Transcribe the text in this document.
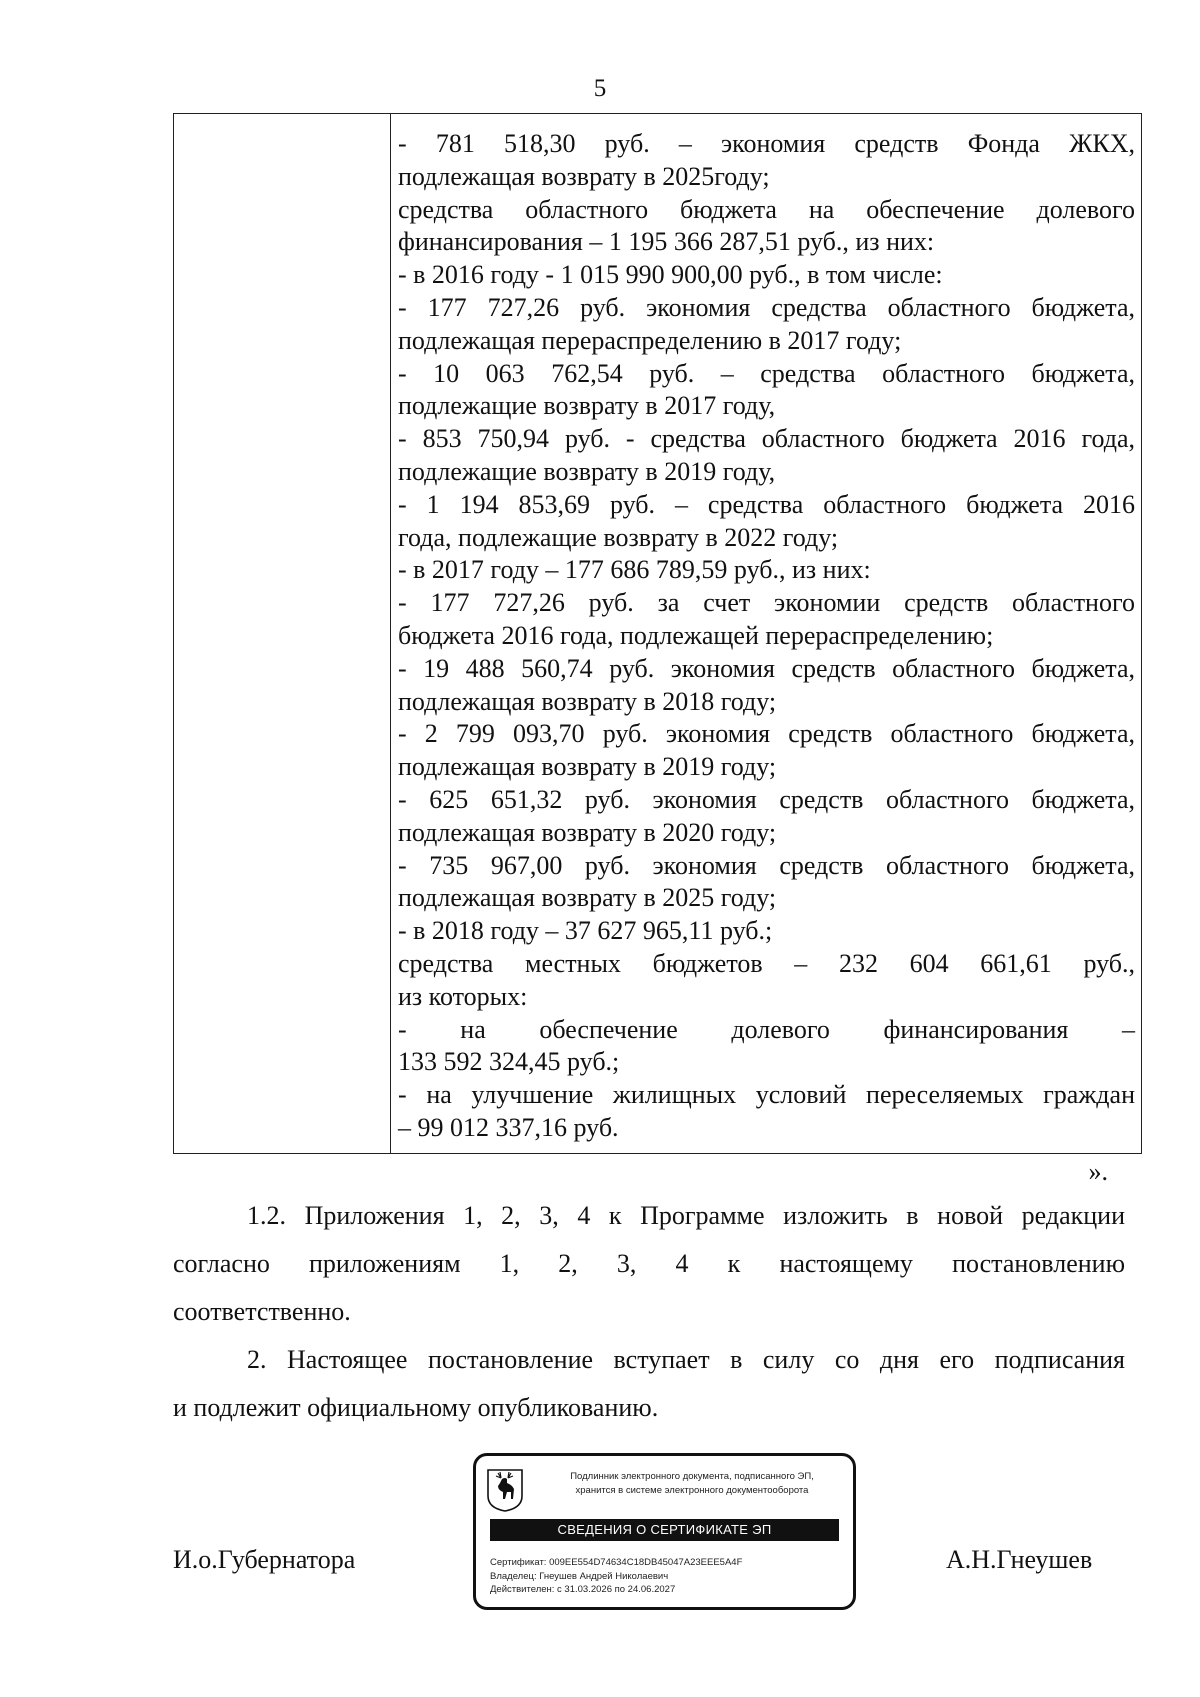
5

- 781 518,30 руб. – экономия средств Фонда ЖКХ,
подлежащая возврату в 2025году;
средства областного бюджета на обеспечение долевого
финансирования – 1 195 366 287,51 руб., из них:
- в 2016 году - 1 015 990 900,00 руб., в том числе:
- 177 727,26 руб. экономия средства областного бюджета,
подлежащая перераспределению в 2017 году;
- 10 063 762,54 руб. – средства областного бюджета,
подлежащие возврату в 2017 году,
- 853 750,94 руб. - средства областного бюджета 2016 года,
подлежащие возврату в 2019 году,
- 1 194 853,69 руб. – средства областного бюджета 2016
года, подлежащие возврату в 2022 году;
- в 2017 году – 177 686 789,59 руб., из них:
- 177 727,26 руб. за счет экономии средств областного
бюджета 2016 года, подлежащей перераспределению;
- 19 488 560,74 руб. экономия средств областного бюджета,
подлежащая возврату в 2018 году;
- 2 799 093,70 руб. экономия средств областного бюджета,
подлежащая возврату в 2019 году;
- 625 651,32 руб. экономия средств областного бюджета,
подлежащая возврату в 2020 году;
- 735 967,00 руб. экономия средств областного бюджета,
подлежащая возврату в 2025 году;
- в 2018 году – 37 627 965,11 руб.;
средства местных бюджетов – 232 604 661,61 руб.,
из которых:
- на обеспечение долевого финансирования –
133 592 324,45 руб.;
- на улучшение жилищных условий переселяемых граждан
– 99 012 337,16 руб.
».
1.2. Приложения 1, 2, 3, 4 к Программе изложить в новой редакции
согласно приложениям 1, 2, 3, 4 к настоящему постановлению
соответственно.
2. Настоящее постановление вступает в силу со дня его подписания
и подлежит официальному опубликованию.
И.о.Губернатора	А.Н.Гнеушев
Подлинник электронного документа, подписанного ЭП,
хранится в системе электронного документооборота
СВЕДЕНИЯ О СЕРТИФИКАТЕ ЭП
Сертификат: 009EE554D74634C18DB45047A23EEE5A4F
Владелец: Гнеушев Андрей Николаевич
Действителен: с 31.03.2026 по 24.06.2027
